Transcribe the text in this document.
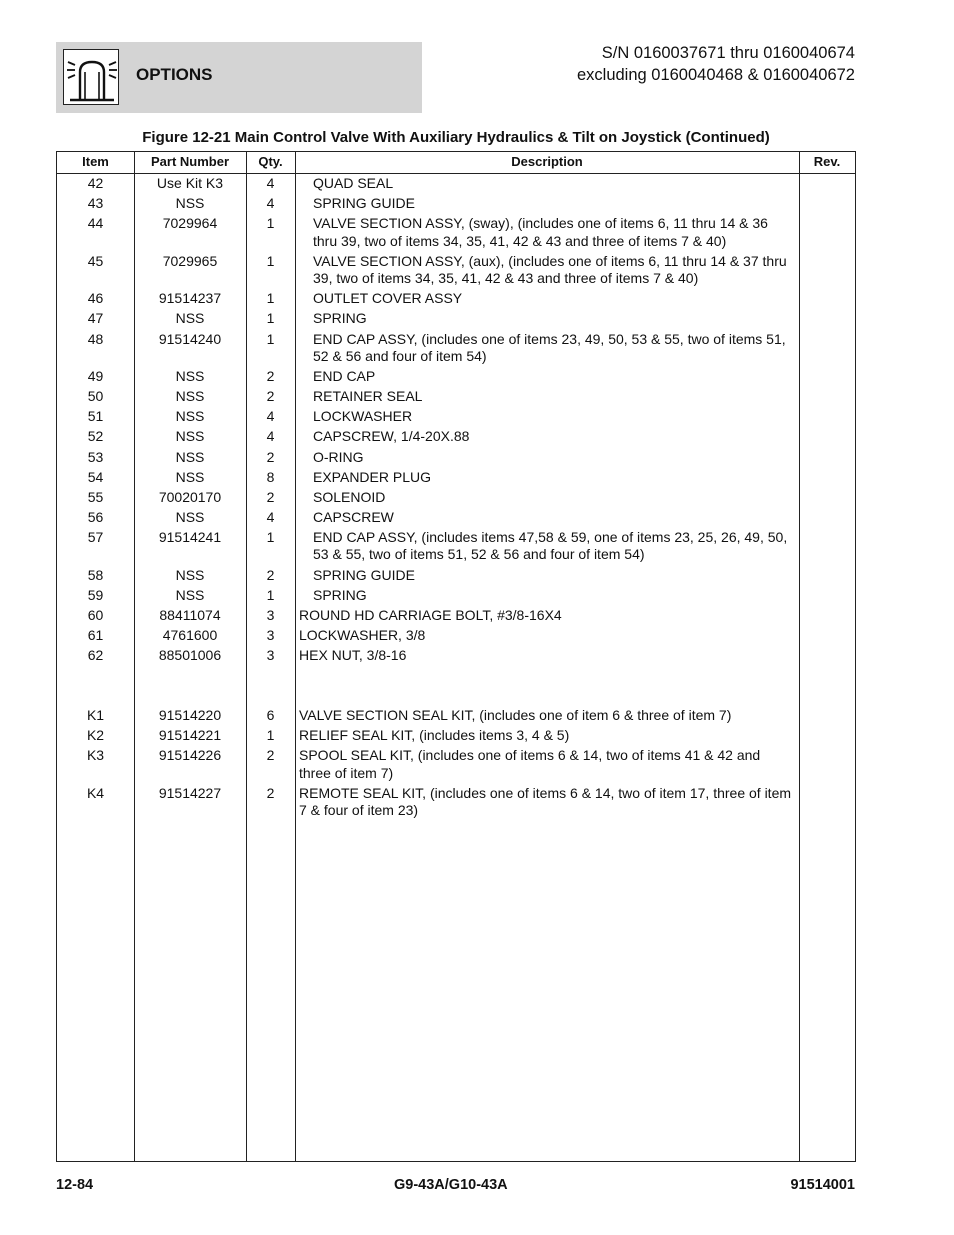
OPTIONS
S/N 0160037671 thru 0160040674
excluding 0160040468 & 0160040672
Figure 12-21 Main Control Valve With Auxiliary Hydraulics & Tilt on Joystick (Continued)
Item	Part Number	Qty.	Description	Rev.
42	Use Kit K3	4	QUAD SEAL
43	NSS	4	SPRING GUIDE
44	7029964	1	VALVE SECTION ASSY, (sway), (includes one of items 6, 11 thru 14 & 36 thru 39, two of items 34, 35, 41, 42 & 43 and three of items 7 & 40)
45	7029965	1	VALVE SECTION ASSY, (aux), (includes one of items 6, 11 thru 14 & 37 thru 39, two of items 34, 35, 41, 42 & 43 and three of items 7 & 40)
46	91514237	1	OUTLET COVER ASSY
47	NSS	1	SPRING
48	91514240	1	END CAP ASSY, (includes one of items 23, 49, 50, 53 & 55, two of items 51, 52 & 56 and four of item 54)
49	NSS	2	END CAP
50	NSS	2	RETAINER SEAL
51	NSS	4	LOCKWASHER
52	NSS	4	CAPSCREW, 1/4-20X.88
53	NSS	2	O-RING
54	NSS	8	EXPANDER PLUG
55	70020170	2	SOLENOID
56	NSS	4	CAPSCREW
57	91514241	1	END CAP ASSY, (includes items 47,58 & 59, one of items 23, 25, 26, 49, 50, 53 & 55, two of items 51, 52 & 56 and four of item 54)
58	NSS	2	SPRING GUIDE
59	NSS	1	SPRING
60	88411074	3	ROUND HD CARRIAGE BOLT, #3/8-16X4
61	4761600	3	LOCKWASHER, 3/8
62	88501006	3	HEX NUT, 3/8-16
K1	91514220	6	VALVE SECTION SEAL KIT, (includes one of item 6 & three of item 7)
K2	91514221	1	RELIEF SEAL KIT, (includes items 3, 4 & 5)
K3	91514226	2	SPOOL SEAL KIT, (includes one of items 6 & 14, two of items 41 & 42 and three of item 7)
K4	91514227	2	REMOTE SEAL KIT, (includes one of items 6 & 14, two of item 17, three of item 7 & four of item 23)
12-84	G9-43A/G10-43A	91514001
